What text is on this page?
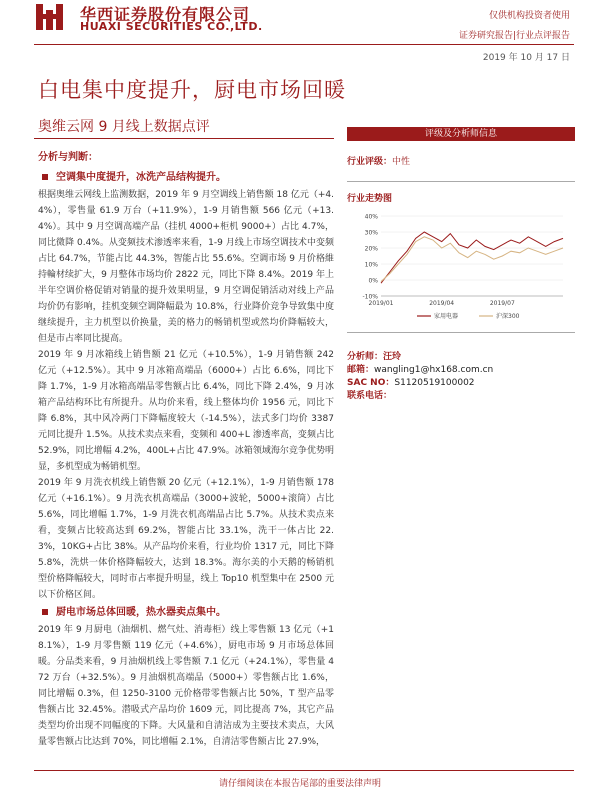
华西证券股份有限公司
HUAXI SECURITIES CO.,LTD.
仅供机构投资者使用
证券研究报告|行业点评报告
2019 年 10 月 17 日
白电集中度提升，厨电市场回暖
奥维云网 9 月线上数据点评
分析与判断：
空调集中度提升，冰洗产品结构提升。

根据奥维云网线上监测数据，2019 年 9 月空调线上销售额 18 亿元（+4.4%），零售量 61.9 万台（+11.9%），1-9 月销售额 566 亿元（+13.4%）。其中 9 月空调高端产品（挂机 4000+柜机 9000+）占比 4.7%，同比微降 0.4%。从变频技术渗透率来看，1-9 月线上市场空调技术中变频占比 64.7%，节能占比 44.3%，智能占比 55.6%。空调市场 9 月价格維持輪材续扩大，9 月整体市场均价 2822 元，同比下降 8.4%。2019 年上半年空调价格促销对销量的提升效果明显，9 月空调促销活动对线上产品均价仍有影响，挂机变频空调降幅最为 10.8%，行业降价竞争导致集中度继续提升，主力机型以价换量，美的格力的畅销机型或然均价降幅较大，但是市占率同比提高。

2019 年 9 月冰箱线上销售额 21 亿元（+10.5%），1-9 月销售额 242 亿元（+12.5%）。其中 9 月冰箱高端品（6000+）占比 6.6%，同比下降 1.7%，1-9 月冰箱高端品零售额占比 6.4%，同比下降 2.4%，9 月冰箱产品结构环比有所提升。从均价来看，线上整体均价 1956 元，同比下降 6.8%，其中风冷两门下降幅度较大（-14.5%），法式多门均价 3387 元同比提升 1.5%。从技术卖点来看，变频和 400+L 渗透率高，变频占比 52.9%，同比增幅 4.2%，400L+占比 47.9%。冰箱领域海尔竞争优势明显，多机型成为畅销机型。

2019 年 9 月洗衣机线上销售额 20 亿元（+12.1%），1-9 月销售额 178 亿元（+16.1%）。9 月洗衣机高端品（3000+波轮，5000+滚筒）占比 5.6%，同比增幅 1.7%，1-9 月洗衣机高端品占比 5.7%。从技术卖点来看，变频占比较高达到 69.2%，智能占比 33.1%，洗干一体占比 22.3%，10KG+占比 38%。从产品均价来看，行业均价 1317 元，同比下降 5.8%，洗烘一体价格降幅较大，达到 18.3%。海尔美的小天鹅的畅销机型价格降幅较大，同时市占率提升明显，线上 Top10 机型集中在 2500 元以下价格区间。

厨电市场总体回暖，热水器卖点集中。

2019 年 9 月厨电（油烟机、燃气灶、消毒柜）线上零售额 13 亿元（+18.1%），1-9 月零售额 119 亿元（+4.6%），厨电市场 9 月市场总体回暖。分品类来看，9 月油烟机线上零售额 7.1 亿元（+24.1%），零售量 472 万台（+32.5%）。9 月油烟机高端品（5000+）零售额占比 1.6%，同比增幅 0.3%，但 1250-3100 元价格带零售额占比 50%，T 型产品零售额占比 32.45%。潜吸式产品均价 1609 元，同比提高 7%，其它产品类型均价出现不同幅度的下降。大风量和自清洁成为主要技术卖点，大风量零售额占比达到 70%，同比增幅 2.1%，自清洁零售额占比 27.9%，

评级及分析师信息
行业评级：中性
行业走势图
40%
30%
20%
10%
0%
-10%
2019/01	2019/04	2019/07
家用电器	沪深300
分析师：汪玲
邮箱：wangling1@hx168.com.cn
SAC NO：S1120519100002
联系电话：
请仔细阅读在本报告尾部的重要法律声明
